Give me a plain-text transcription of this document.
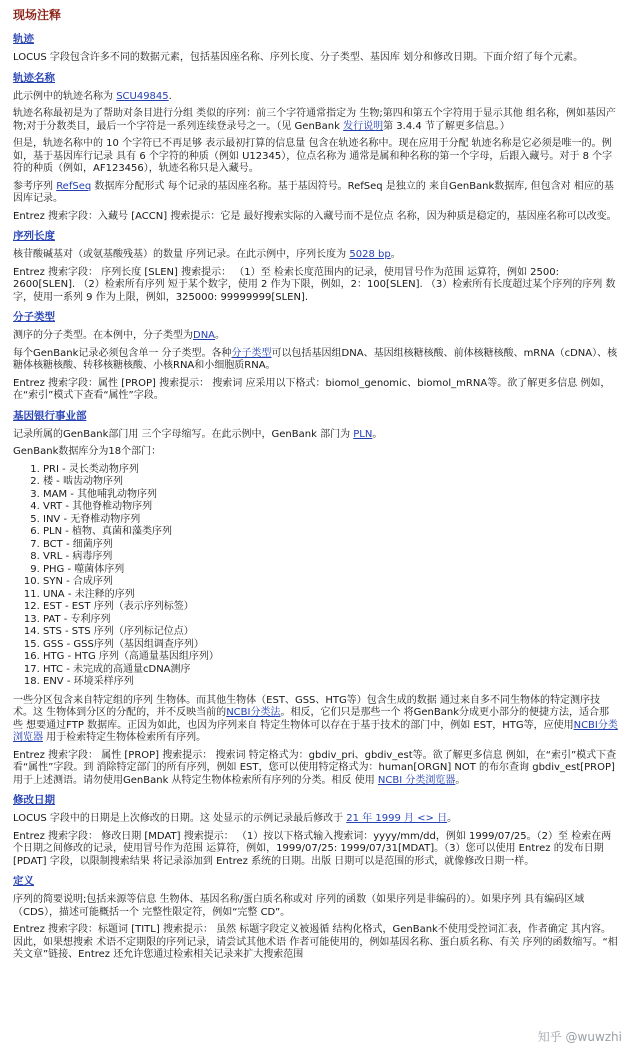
现场注释
轨迹

LOCUS 字段包含许多不同的数据元素，包括基因座名称、序列长度、分子类型、基因库 划分和修改日期。下面介绍了每个元素。

轨迹名称

此示例中的轨迹名称为 SCU49845.

轨迹名称最初是为了帮助对条目进行分组 类似的序列：前三个字符通常指定为 生物;第四和第五个字符用于显示其他 组名称，例如基因产物;对于分数类目，最后一个字符是一系列连续登录号之一。（见 GenBank 发行说明第 3.4.4 节了解更多信息。）

但是，轨迹名称中的 10 个字符已不再足够 表示最初打算的信息量 包含在轨迹名称中。现在应用于分配 轨迹名称是它必须是唯一的。例如，基于基因库行记录 具有 6 个字符的种质（例如 U12345），位点名称为 通常是属和种名称的第一个字母，后跟入藏号。对于 8 个字符的种质（例如，AF123456），轨迹名称只是入藏号。

参考序列 RefSeq 数据库分配形式 每个记录的基因座名称。基于基因符号。RefSeq 是独立的 来自GenBank数据库, 但包含对 相应的基因库记录。

Entrez 搜索字段：入藏号 [ACCN] 搜索提示：它是 最好搜索实际的入藏号而不是位点 名称，因为种质是稳定的，基因座名称可以改变。

序列长度

核苷酸碱基对（或氨基酸残基）的数量 序列记录。在此示例中，序列长度为 5028 bp。

Entrez 搜索字段： 序列长度 [SLEN] 搜索提示： （1）至 检索长度范围内的记录，使用冒号作为范围 运算符，例如 2500: 2600[SLEN]. （2）检索所有序列 短于某个数字，使用 2 作为下限，例如，2：100[SLEN]. （3）检索所有长度超过某个序列的序列 数字，使用一系列 9 作为上限，例如，325000: 99999999[SLEN].

分子类型

测序的分子类型。在本例中，分子类型为DNA。

每个GenBank记录必须包含单一 分子类型。各种分子类型可以包括基因组DNA、基因组核糖核酸、前体核糖核酸、mRNA（cDNA）、核糖体核糖核酸、转移核糖核酸、小核RNA和小细胞质RNA。

Entrez 搜索字段：属性 [PROP] 搜索提示： 搜索词 应采用以下格式：biomol_genomic、biomol_mRNA等。欲了解更多信息 例如，在“索引”模式下查看“属性”字段。

基因银行事业部

记录所属的GenBank部门用 三个字母缩写。在此示例中，GenBank 部门为 PLN。

GenBank数据库分为18个部门：

1. PRI - 灵长类动物序列
2. 楼 - 啮齿动物序列
3. MAM - 其他哺乳动物序列
4. VRT - 其他脊椎动物序列
5. INV - 无脊椎动物序列
6. PLN - 植物、真菌和藻类序列
7. BCT - 细菌序列
8. VRL - 病毒序列
9. PHG - 噬菌体序列
10. SYN - 合成序列
11. UNA - 未注释的序列
12. EST - EST 序列（表示序列标签）
13. PAT - 专利序列
14. STS - STS 序列（序列标记位点）
15. GSS - GSS序列（基因组调查序列）
16. HTG - HTG 序列（高通量基因组序列）
17. HTC - 未完成的高通量cDNA测序
18. ENV - 环境采样序列

一些分区包含来自特定组的序列 生物体。而其他生物体（EST、GSS、HTG等）包含生成的数据 通过来自多不同生物体的特定测序技术。这 生物体到分区的分配的，并不反映当前的NCBI分类法。相反，它们只是那些一个 将GenBank分成更小部分的便捷方法，适合那些 想要通过FTP 数据库。正因为如此，也因为序列来自 特定生物体可以存在于基于技术的部门中，例如 EST，HTG等，应使用NCBI分类浏览器 用于检索特定生物体检索所有序列。

Entrez 搜索字段： 属性 [PROP] 搜索提示： 搜索词 特定格式为：gbdiv_pri、gbdiv_est等。欲了解更多信息 例如，在“索引”模式下查看“属性”字段。到 消除特定部门的所有序列，例如 EST，您可以使用特定格式为：human[ORGN] NOT 的布尔查询 gbdiv_est[PROP] 用于上述测语。请勿使用GenBank 从特定生物体检索所有序列的分类。相反 使用 NCBI 分类浏览器。

修改日期

LOCUS 字段中的日期是上次修改的日期。这 处显示的示例记录最后修改于 21 年 1999 月 <> 日。

Entrez 搜索字段： 修改日期 [MDAT] 搜索提示： （1）按以下格式输入搜索词：yyyy/mm/dd，例如 1999/07/25。（2）至 检索在两个日期之间修改的记录，使用冒号作为范围 运算符，例如，1999/07/25: 1999/07/31[MDAT]。（3）您可以使用 Entrez 的发布日期 [PDAT] 字段，以限制搜索结果 将记录添加到 Entrez 系统的日期。出版 日期可以是范围的形式，就像修改日期一样。

定义

序列的简要说明;包括来源等信息 生物体、基因名称/蛋白质名称或对 序列的函数（如果序列是非编码的）。如果序列 具有编码区域（CDS），描述可能概括一个 完整性限定符，例如“完整 CD”。

Entrez 搜索字段：标题词 [TITL] 搜索提示： 虽然 标题字段定义被遏循 结构化格式，GenBank不使用受控词汇表，作者确定 其内容。因此，如果想搜索 术语不定期限的序列记录，请尝试其他术语 作者可能使用的，例如基因名称、蛋白质名称、有关 序列的函数缩写。“相关文章”链接、Entrez 还允许您通过检索相关记录来扩大搜索范围

知乎 @wuwzhi
